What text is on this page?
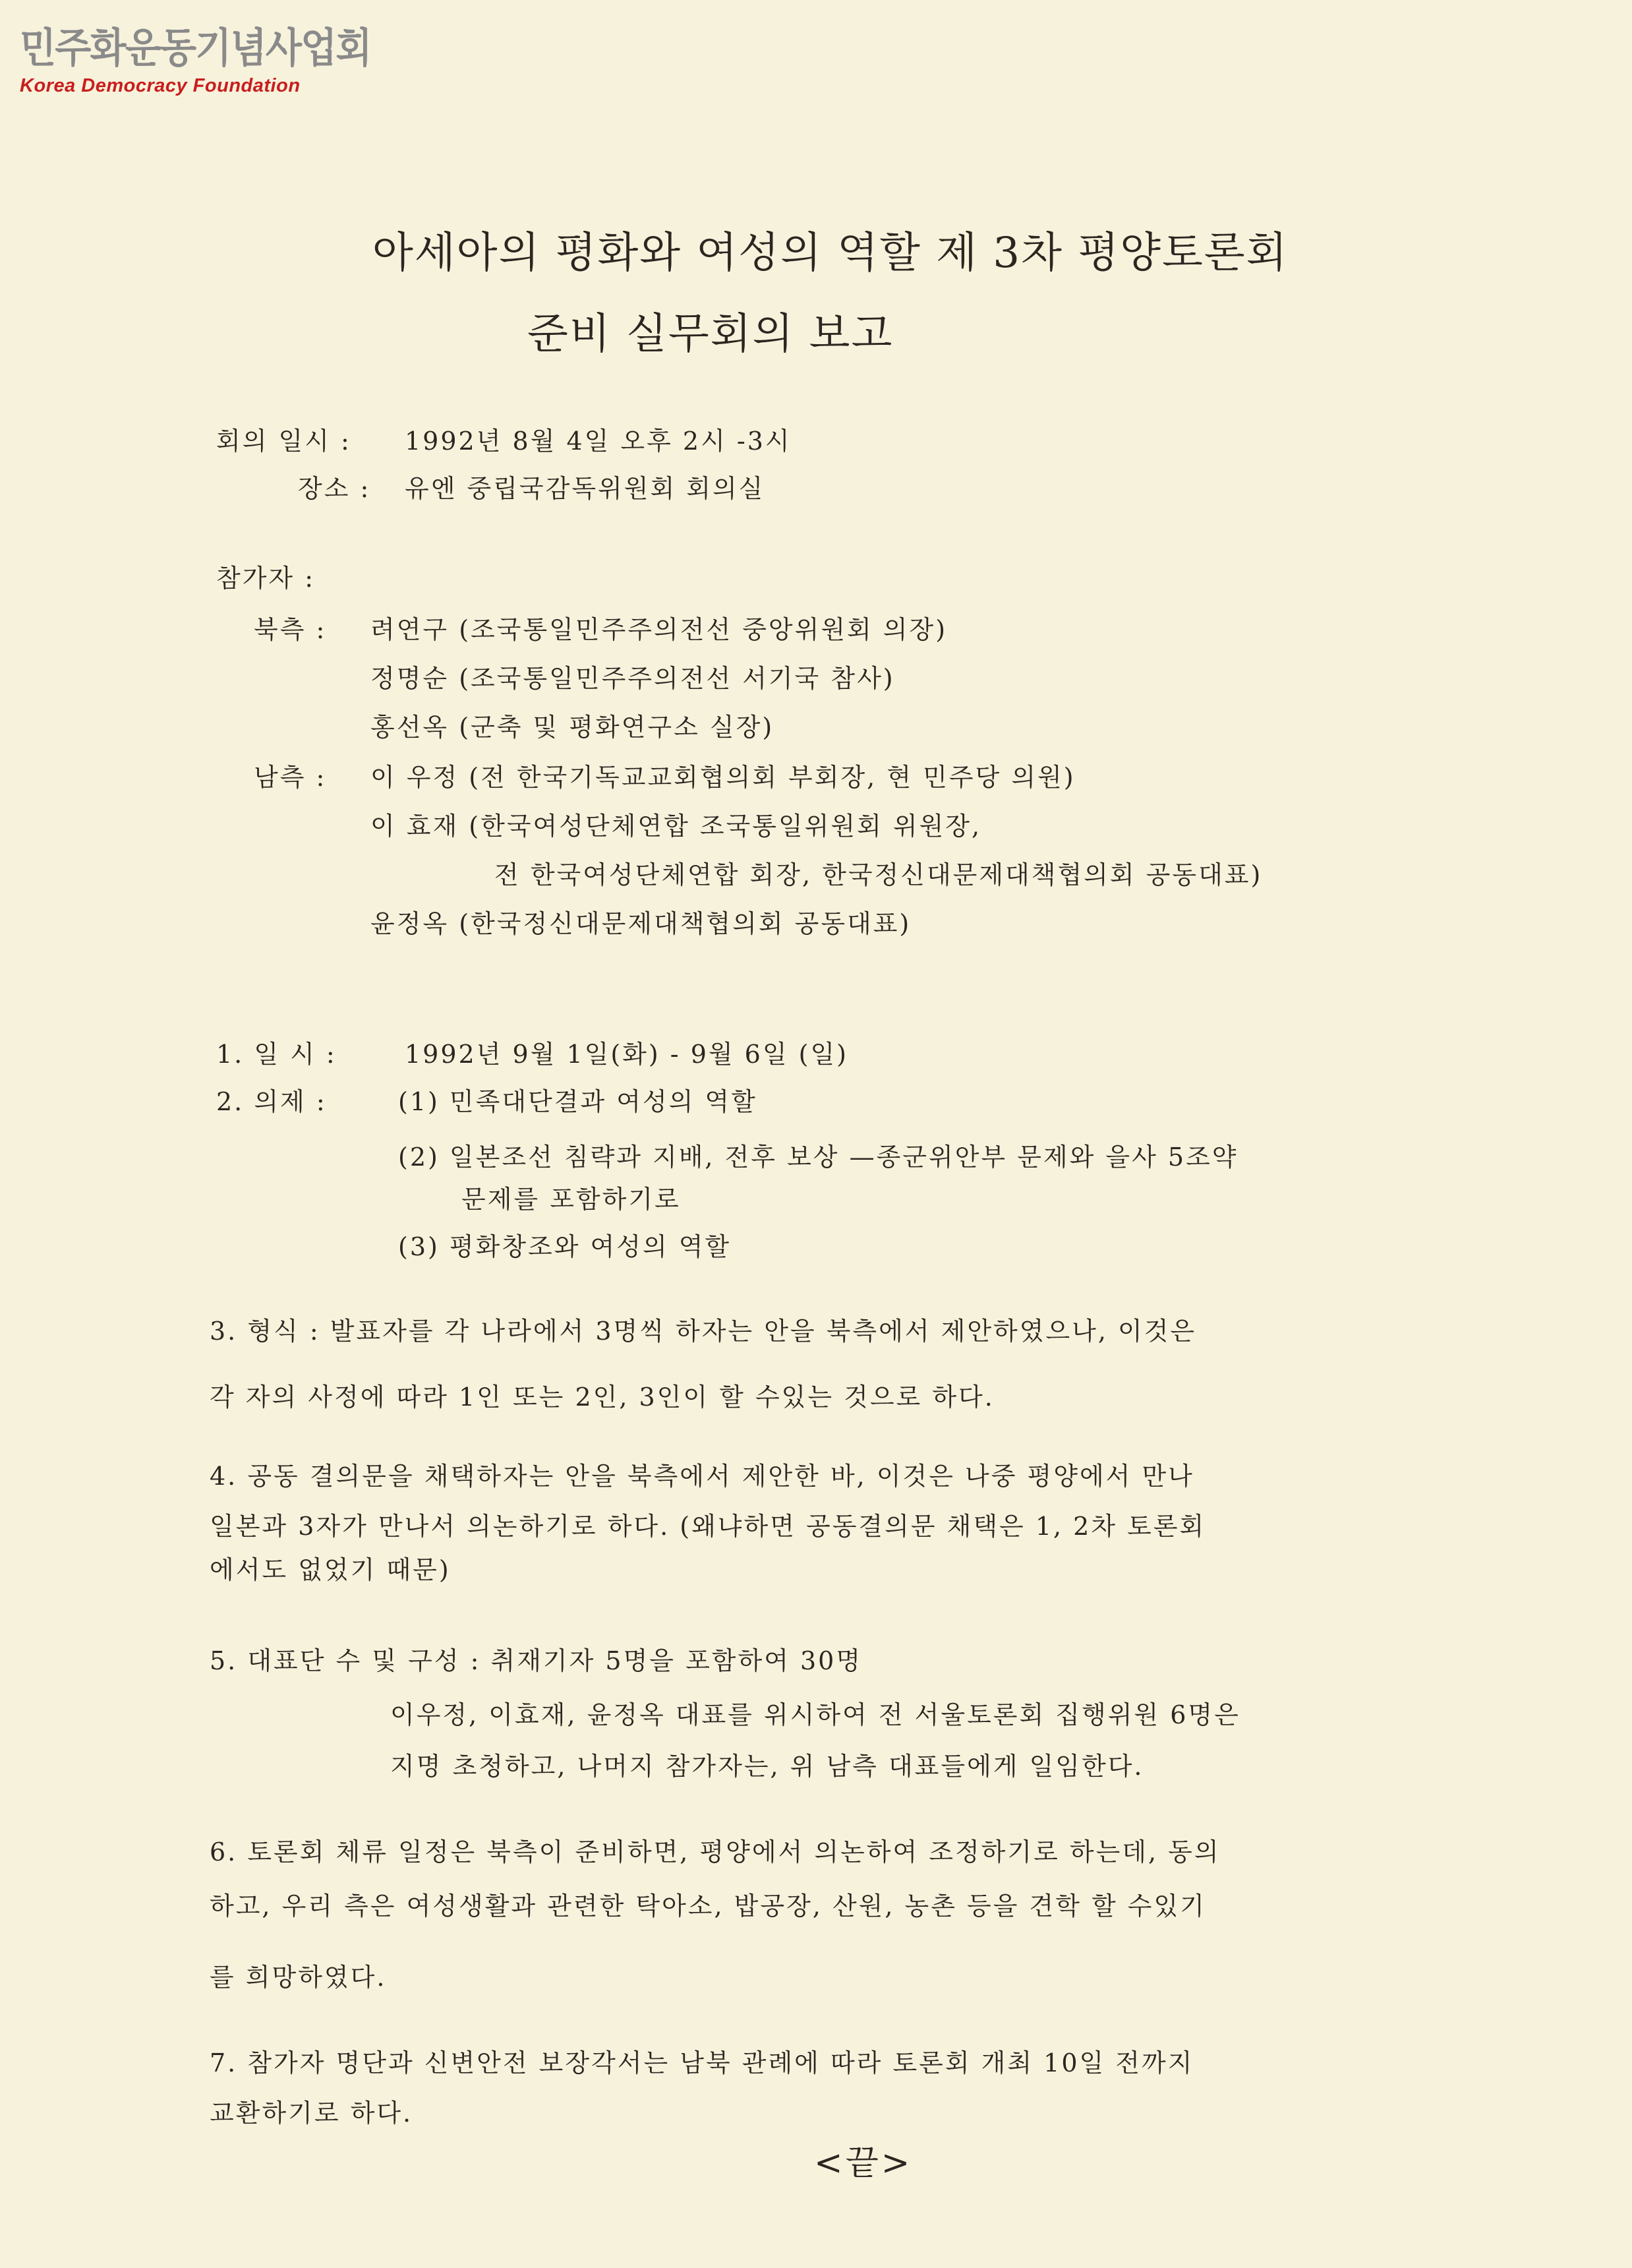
민주화운동기념사업회
Korea Democracy Foundation
아세아의 평화와 여성의 역할 제 3차 평양토론회
준비 실무회의 보고
회의 일시 : 1992년 8월 4일 오후 2시 -3시
장소 : 유엔 중립국감독위원회 회의실
참가자 :
북측 : 려연구 (조국통일민주주의전선 중앙위원회 의장)
정명순 (조국통일민주주의전선 서기국 참사)
홍선옥 (군축 및 평화연구소 실장)
남측 : 이 우정 (전 한국기독교교회협의회 부회장, 현 민주당 의원)
이 효재 (한국여성단체연합 조국통일위원회 위원장,
전 한국여성단체연합 회장, 한국정신대문제대책협의회 공동대표)
윤정옥 (한국정신대문제대책협의회 공동대표)
1. 일 시 :	1992년 9월 1일(화) - 9월 6일 (일)
2. 의제 :	(1) 민족대단결과 여성의 역할
(2) 일본조선 침략과 지배, 전후 보상 —종군위안부 문제와 을사 5조약
문제를 포함하기로
(3) 평화창조와 여성의 역할
3. 형식 : 발표자를 각 나라에서 3명씩 하자는 안을 북측에서 제안하였으나, 이것은
각 자의 사정에 따라 1인 또는 2인, 3인이 할 수있는 것으로 하다.
4. 공동 결의문을 채택하자는 안을 북측에서 제안한 바, 이것은 나중 평양에서 만나
일본과 3자가 만나서 의논하기로 하다. (왜냐하면 공동결의문 채택은 1, 2차 토론회
에서도 없었기 때문)
5. 대표단 수 및 구성 : 취재기자 5명을 포함하여 30명
이우정, 이효재, 윤정옥 대표를 위시하여 전 서울토론회 집행위원 6명은
지명 초청하고, 나머지 참가자는, 위 남측 대표들에게 일임한다.
6. 토론회 체류 일정은 북측이 준비하면, 평양에서 의논하여 조정하기로 하는데, 동의
하고, 우리 측은 여성생활과 관련한 탁아소, 밥공장, 산원, 농촌 등을 견학 할 수있기
를 희망하였다.
7. 참가자 명단과 신변안전 보장각서는 남북 관례에 따라 토론회 개최 10일 전까지
교환하기로 하다.
<끝>
